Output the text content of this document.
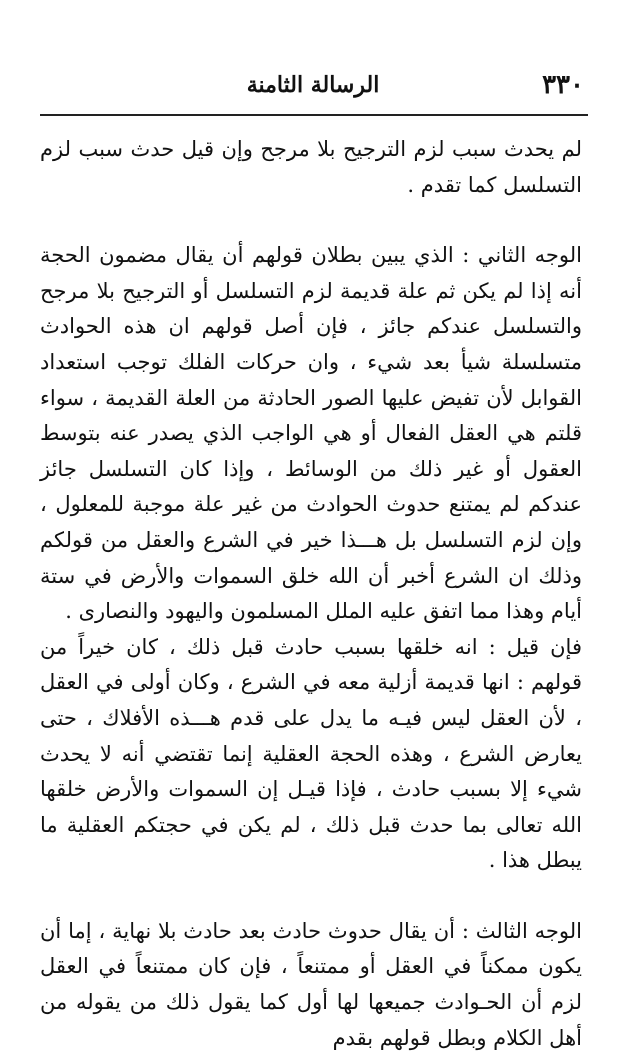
٣٣٠
الرسالة الثامنة

لم يحدث سبب لزم الترجيح بلا مرجح وإن قيل حدث سبب لزم التسلسل كما تقدم .

الوجه الثاني : الذي يبين بطلان قولهم أن يقال مضمون الحجة أنه إذا لم يكن ثم علة قديمة لزم التسلسل أو الترجيح بلا مرجح والتسلسل عندكم جائز ، فإن أصل قولهم ان هذه الحوادث متسلسلة شيأ بعد شيء ، وان حركات الفلك توجب استعداد القوابل لأن تفيض عليها الصور الحادثة من العلة القديمة ، سواء قلتم هي العقل الفعال أو هي الواجب الذي يصدر عنه بتوسط العقول أو غير ذلك من الوسائط ، وإذا كان التسلسل جائز عندكم لم يمتنع حدوث الحوادث من غير علة موجبة للمعلول ، وإن لزم التسلسل بل هـــذا خير في الشرع والعقل من قولكم وذلك ان الشرع أخبر أن الله خلق السموات والأرض في ستة أيام وهذا مما اتفق عليه الملل المسلمون واليهود والنصارى .

فإن قيل : انه خلقها بسبب حادث قبل ذلك ، كان خيراً من قولهم : انها قديمة أزلية معه في الشرع ، وكان أولى في العقل ، لأن العقل ليس فيـه ما يدل على قدم هـــذه الأفلاك ، حتى يعارض الشرع ، وهذه الحجة العقلية إنما تقتضي أنه لا يحدث شيء إلا بسبب حادث ، فإذا قيـل إن السموات والأرض خلقها الله تعالى بما حدث قبل ذلك ، لم يكن في حجتكم العقلية ما يبطل هذا .

الوجه الثالث : أن يقال حدوث حادث بعد حادث بلا نهاية ، إما أن يكون ممكناً في العقل أو ممتنعاً ، فإن كان ممتنعاً في العقل لزم أن الحـوادث جميعها لها أول كما يقول ذلك من يقوله من أهل الكلام وبطل قولهم بقدم
